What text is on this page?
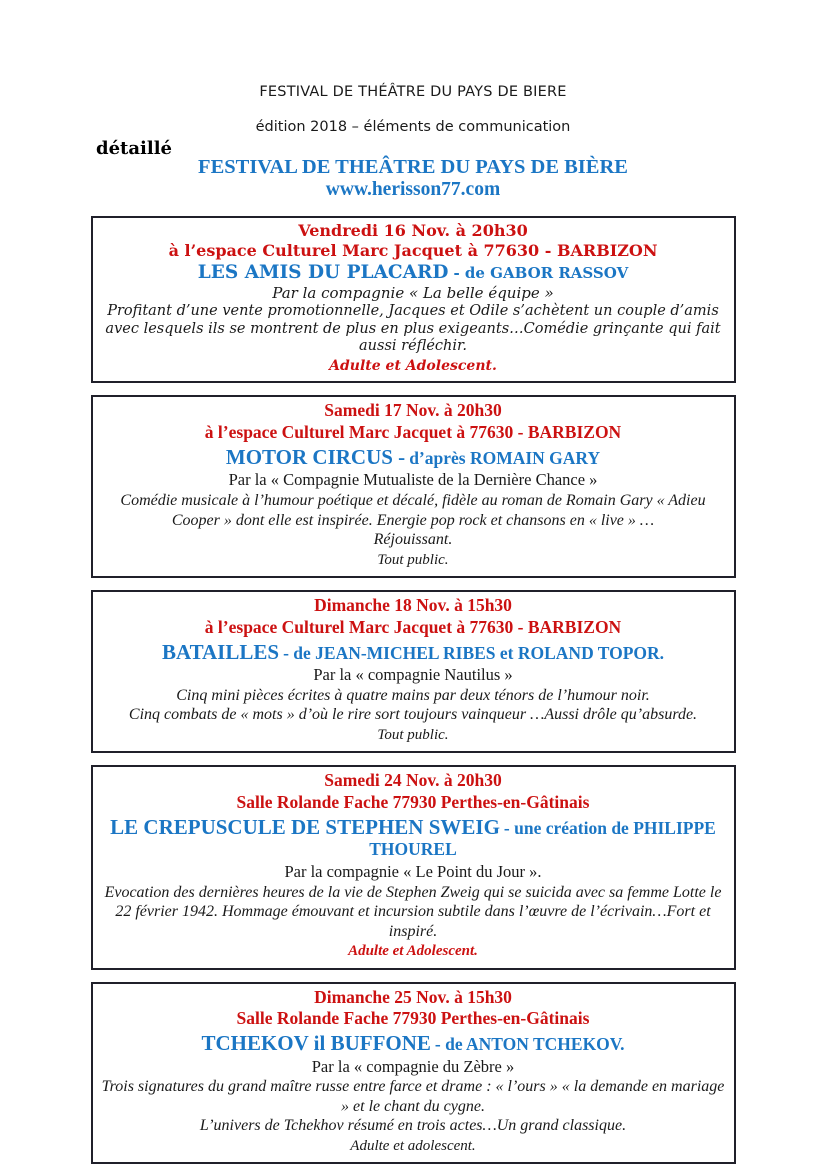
FESTIVAL DE THÉÂTRE DU PAYS DE BIERE
édition 2018 – éléments de communication
détaillé
FESTIVAL DE THEÂTRE DU PAYS DE BIÈRE
www.herisson77.com
Vendredi 16 Nov. à 20h30
à l’espace Culturel Marc Jacquet à 77630 - BARBIZON
LES AMIS DU PLACARD - de GABOR RASSOV
Par la compagnie « La belle équipe »
Profitant d’une vente promotionnelle, Jacques et Odile s’achètent un couple d’amis avec lesquels ils se montrent de plus en plus exigeants…Comédie grinçante qui fait aussi réfléchir.
Adulte et Adolescent.
Samedi 17 Nov. à 20h30
à l’espace Culturel Marc Jacquet à 77630 - BARBIZON
MOTOR CIRCUS - d’après ROMAIN GARY
Par la « Compagnie Mutualiste de la Dernière Chance »
Comédie musicale à l’humour poétique et décalé, fidèle au roman de Romain Gary « Adieu Cooper » dont elle est inspirée. Energie pop rock et chansons en « live » …
Réjouissant.
Tout public.
Dimanche 18 Nov. à 15h30
à l’espace Culturel Marc Jacquet à 77630 - BARBIZON
BATAILLES - de JEAN-MICHEL RIBES et ROLAND TOPOR.
Par la « compagnie Nautilus »
Cinq mini pièces écrites à quatre mains par deux ténors de l’humour noir.
Cinq combats de « mots » d’où le rire sort toujours vainqueur …Aussi drôle qu’absurde.
Tout public.
Samedi 24 Nov. à 20h30
Salle Rolande Fache 77930 Perthes-en-Gâtinais
LE CREPUSCULE DE STEPHEN SWEIG - une création de PHILIPPE THOUREL
Par la compagnie « Le Point du Jour ».
Evocation des dernières heures de la vie de Stephen Zweig qui se suicida avec sa femme Lotte le 22 février 1942. Hommage émouvant et incursion subtile dans l’œuvre de l’écrivain…Fort et inspiré.
Adulte et Adolescent.
Dimanche 25 Nov. à 15h30
Salle Rolande Fache 77930 Perthes-en-Gâtinais
TCHEKOV il BUFFONE - de ANTON TCHEKOV.
Par la « compagnie du Zèbre »
Trois signatures du grand maître russe entre farce et drame : « l’ours » « la demande en mariage » et le chant du cygne.
L’univers de Tchekhov résumé en trois actes…Un grand classique.
Adulte et adolescent.
